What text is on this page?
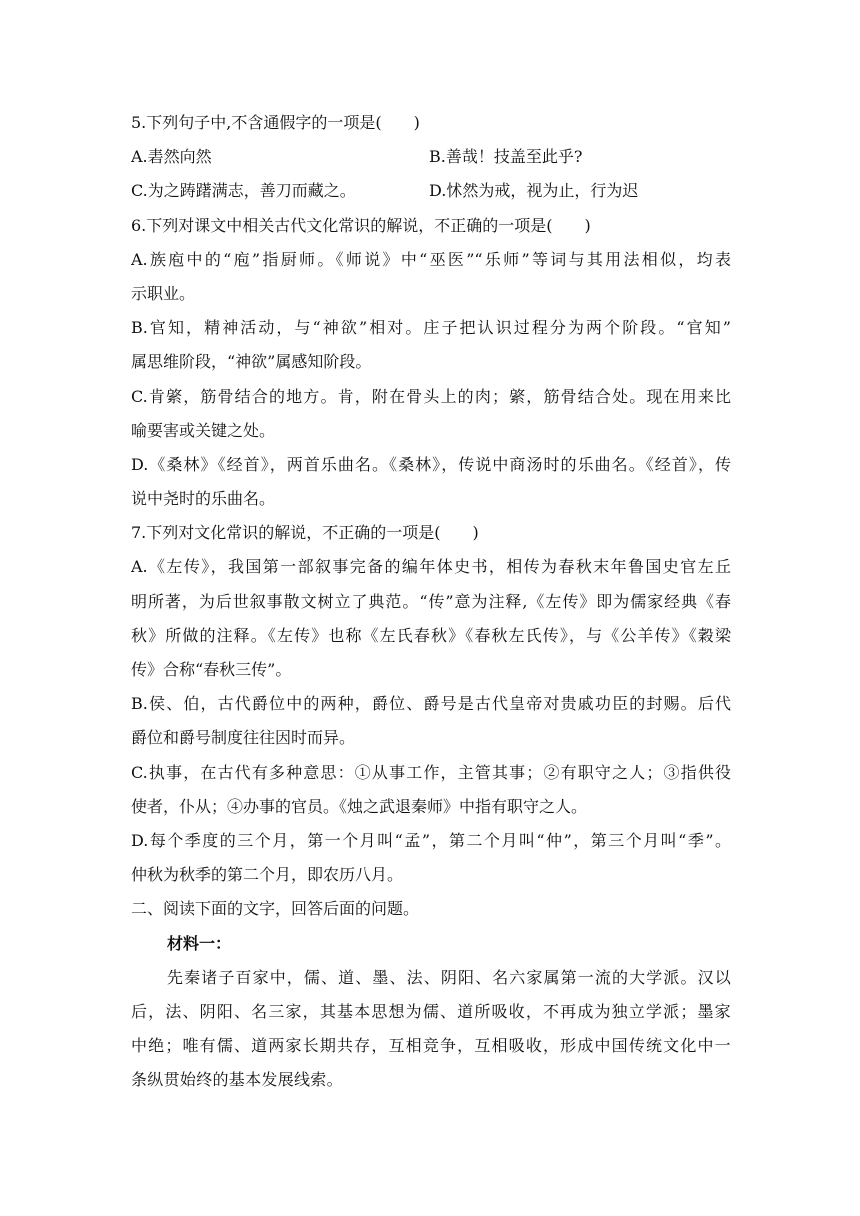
5.下列句子中,不含通假字的一项是(　　)
A.砉然向然	B.善哉！技盖至此乎?
C.为之踌躇满志，善刀而藏之。	D.怵然为戒，视为止，行为迟
6.下列对课文中相关古代文化常识的解说，不正确的一项是(　　)
A.族庖中的“庖”指厨师。《师说》中“巫医”“乐师”等词与其用法相似，均表
示职业。
B.官知，精神活动，与“神欲”相对。庄子把认识过程分为两个阶段。“官知”
属思维阶段，“神欲”属感知阶段。
C.肯綮，筋骨结合的地方。肯，附在骨头上的肉；綮，筋骨结合处。现在用来比
喻要害或关键之处。
D.《桑林》《经首》，两首乐曲名。《桑林》，传说中商汤时的乐曲名。《经首》，传
说中尧时的乐曲名。
7.下列对文化常识的解说，不正确的一项是(　　)
A.《左传》，我国第一部叙事完备的编年体史书，相传为春秋末年鲁国史官左丘
明所著，为后世叙事散文树立了典范。“传”意为注释,《左传》即为儒家经典《春
秋》所做的注释。《左传》也称《左氏春秋》《春秋左氏传》，与《公羊传》《穀梁
传》合称“春秋三传”。
B.侯、伯，古代爵位中的两种，爵位、爵号是古代皇帝对贵戚功臣的封赐。后代
爵位和爵号制度往往因时而异。
C.执事，在古代有多种意思：①从事工作，主管其事；②有职守之人；③指供役
使者，仆从；④办事的官员。《烛之武退秦师》中指有职守之人。
D.每个季度的三个月，第一个月叫“孟”，第二个月叫“仲”，第三个月叫“季”。
仲秋为秋季的第二个月，即农历八月。
二、阅读下面的文字，回答后面的问题。
材料一：
先秦诸子百家中，儒、道、墨、法、阴阳、名六家属第一流的大学派。汉以
后，法、阴阳、名三家，其基本思想为儒、道所吸收，不再成为独立学派；墨家
中绝；唯有儒、道两家长期共存，互相竞争，互相吸收，形成中国传统文化中一
条纵贯始终的基本发展线索。
